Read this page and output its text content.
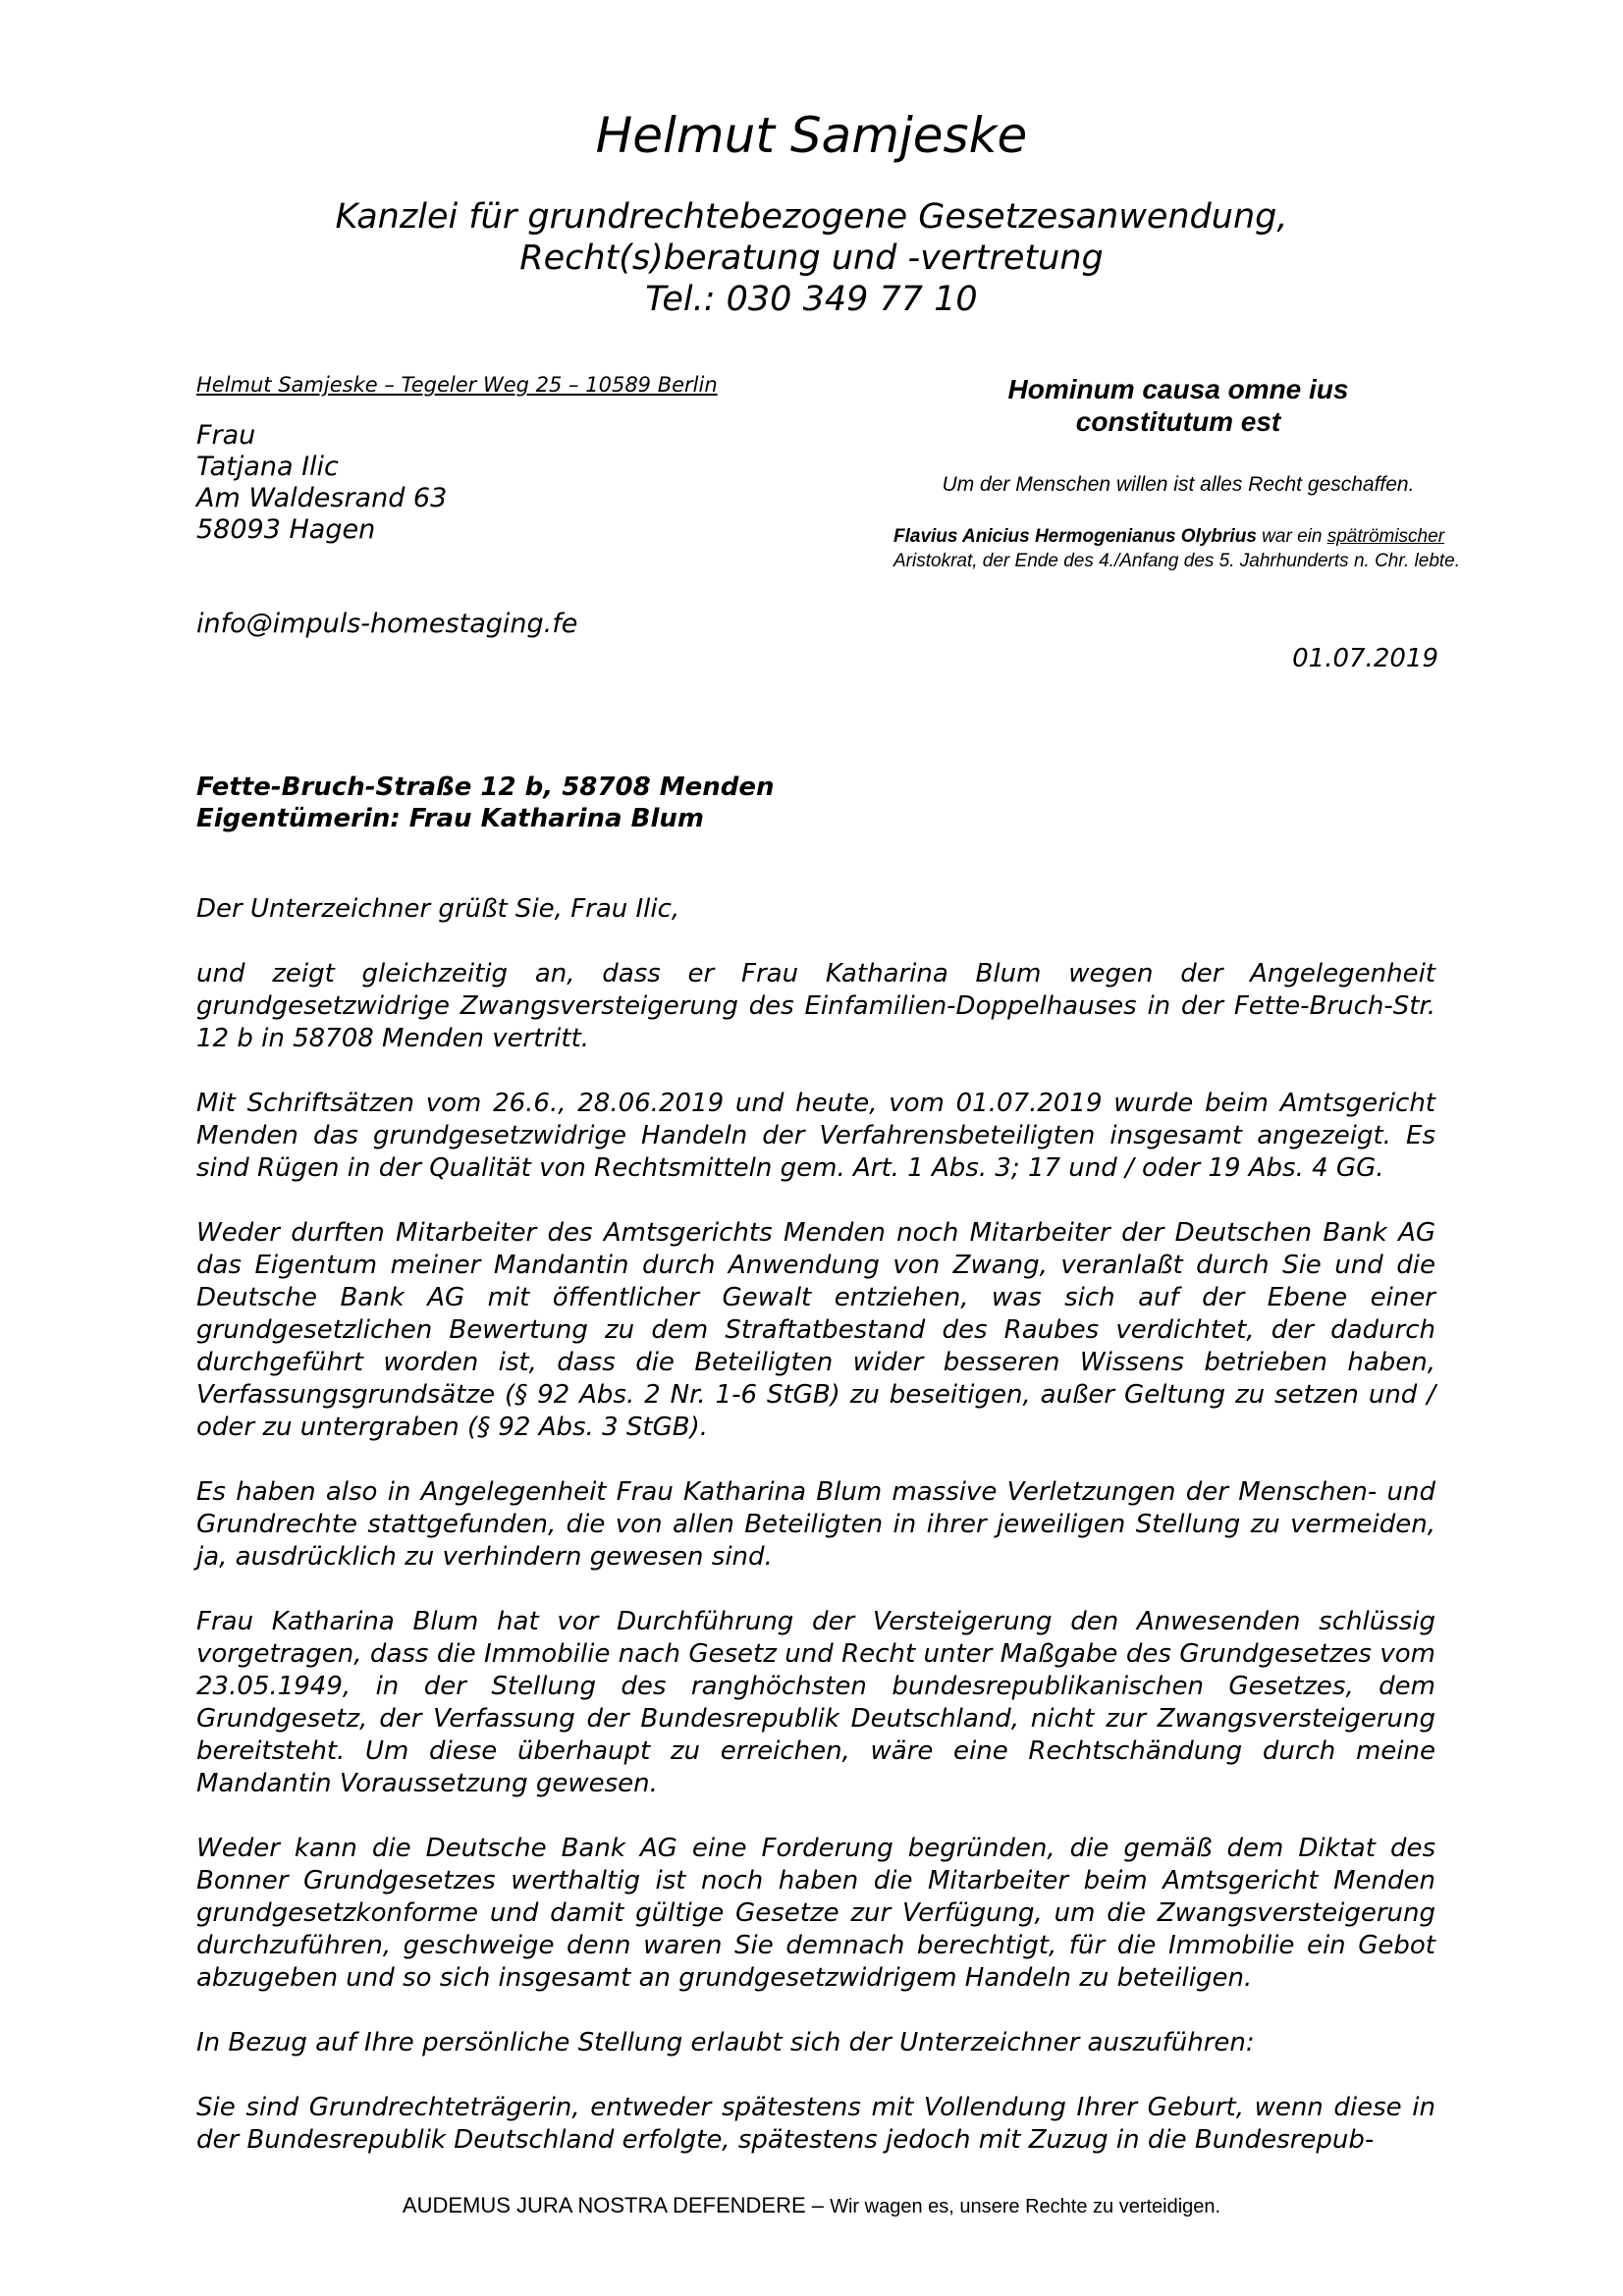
Helmut Samjeske
Kanzlei für grundrechtebezogene Gesetzesanwendung,
Recht(s)beratung und -vertretung
Tel.: 030 349 77 10
Helmut Samjeske – Tegeler Weg 25 – 10589 Berlin
Frau
Tatjana Ilic
Am Waldesrand 63
58093 Hagen
info@impuls-homestaging.fe
Hominum causa omne ius
constitutum est
Um der Menschen willen ist alles Recht geschaffen.
Flavius Anicius Hermogenianus Olybrius war ein spätrömischer Aristokrat, der Ende des 4./Anfang des 5. Jahrhunderts n. Chr. lebte.
01.07.2019
Fette-Bruch-Straße 12 b, 58708 Menden
Eigentümerin: Frau Katharina Blum

Der Unterzeichner grüßt Sie, Frau Ilic,

und zeigt gleichzeitig an, dass er Frau Katharina Blum wegen der Angelegenheit grundgesetzwidrige Zwangsversteigerung des Einfamilien-Doppelhauses in der Fette-Bruch-Str. 12 b in 58708 Menden vertritt.

Mit Schriftsätzen vom 26.6., 28.06.2019 und heute, vom 01.07.2019 wurde beim Amtsgericht Menden das grundgesetzwidrige Handeln der Verfahrensbeteiligten insgesamt angezeigt. Es sind Rügen in der Qualität von Rechtsmitteln gem. Art. 1 Abs. 3; 17 und / oder 19 Abs. 4 GG.

Weder durften Mitarbeiter des Amtsgerichts Menden noch Mitarbeiter der Deutschen Bank AG das Eigentum meiner Mandantin durch Anwendung von Zwang, veranlaßt durch Sie und die Deutsche Bank AG mit öffentlicher Gewalt entziehen, was sich auf der Ebene einer grundgesetzlichen Bewertung zu dem Straftatbestand des Raubes verdichtet, der dadurch durchgeführt worden ist, dass die Beteiligten wider besseren Wissens betrieben haben, Verfassungsgrundsätze (§ 92 Abs. 2 Nr. 1-6 StGB) zu beseitigen, außer Geltung zu setzen und / oder zu untergraben (§ 92 Abs. 3 StGB).

Es haben also in Angelegenheit Frau Katharina Blum massive Verletzungen der Menschen- und Grundrechte stattgefunden, die von allen Beteiligten in ihrer jeweiligen Stellung zu vermeiden, ja, ausdrücklich zu verhindern gewesen sind.

Frau Katharina Blum hat vor Durchführung der Versteigerung den Anwesenden schlüssig vorgetragen, dass die Immobilie nach Gesetz und Recht unter Maßgabe des Grundgesetzes vom 23.05.1949, in der Stellung des ranghöchsten bundesrepublikanischen Gesetzes, dem Grundgesetz, der Verfassung der Bundesrepublik Deutschland, nicht zur Zwangsversteigerung bereitsteht. Um diese überhaupt zu erreichen, wäre eine Rechtschändung durch meine Mandantin Voraussetzung gewesen.

Weder kann die Deutsche Bank AG eine Forderung begründen, die gemäß dem Diktat des Bonner Grundgesetzes werthaltig ist noch haben die Mitarbeiter beim Amtsgericht Menden grundgesetzkonforme und damit gültige Gesetze zur Verfügung, um die Zwangsversteigerung durchzuführen, geschweige denn waren Sie demnach berechtigt, für die Immobilie ein Gebot abzugeben und so sich insgesamt an grundgesetzwidrigem Handeln zu beteiligen.

In Bezug auf Ihre persönliche Stellung erlaubt sich der Unterzeichner auszuführen:

Sie sind Grundrechteträgerin, entweder spätestens mit Vollendung Ihrer Geburt, wenn diese in der Bundesrepublik Deutschland erfolgte, spätestens jedoch mit Zuzug in die Bundesrepub-

AUDEMUS JURA NOSTRA DEFENDERE – Wir wagen es, unsere Rechte zu verteidigen.
